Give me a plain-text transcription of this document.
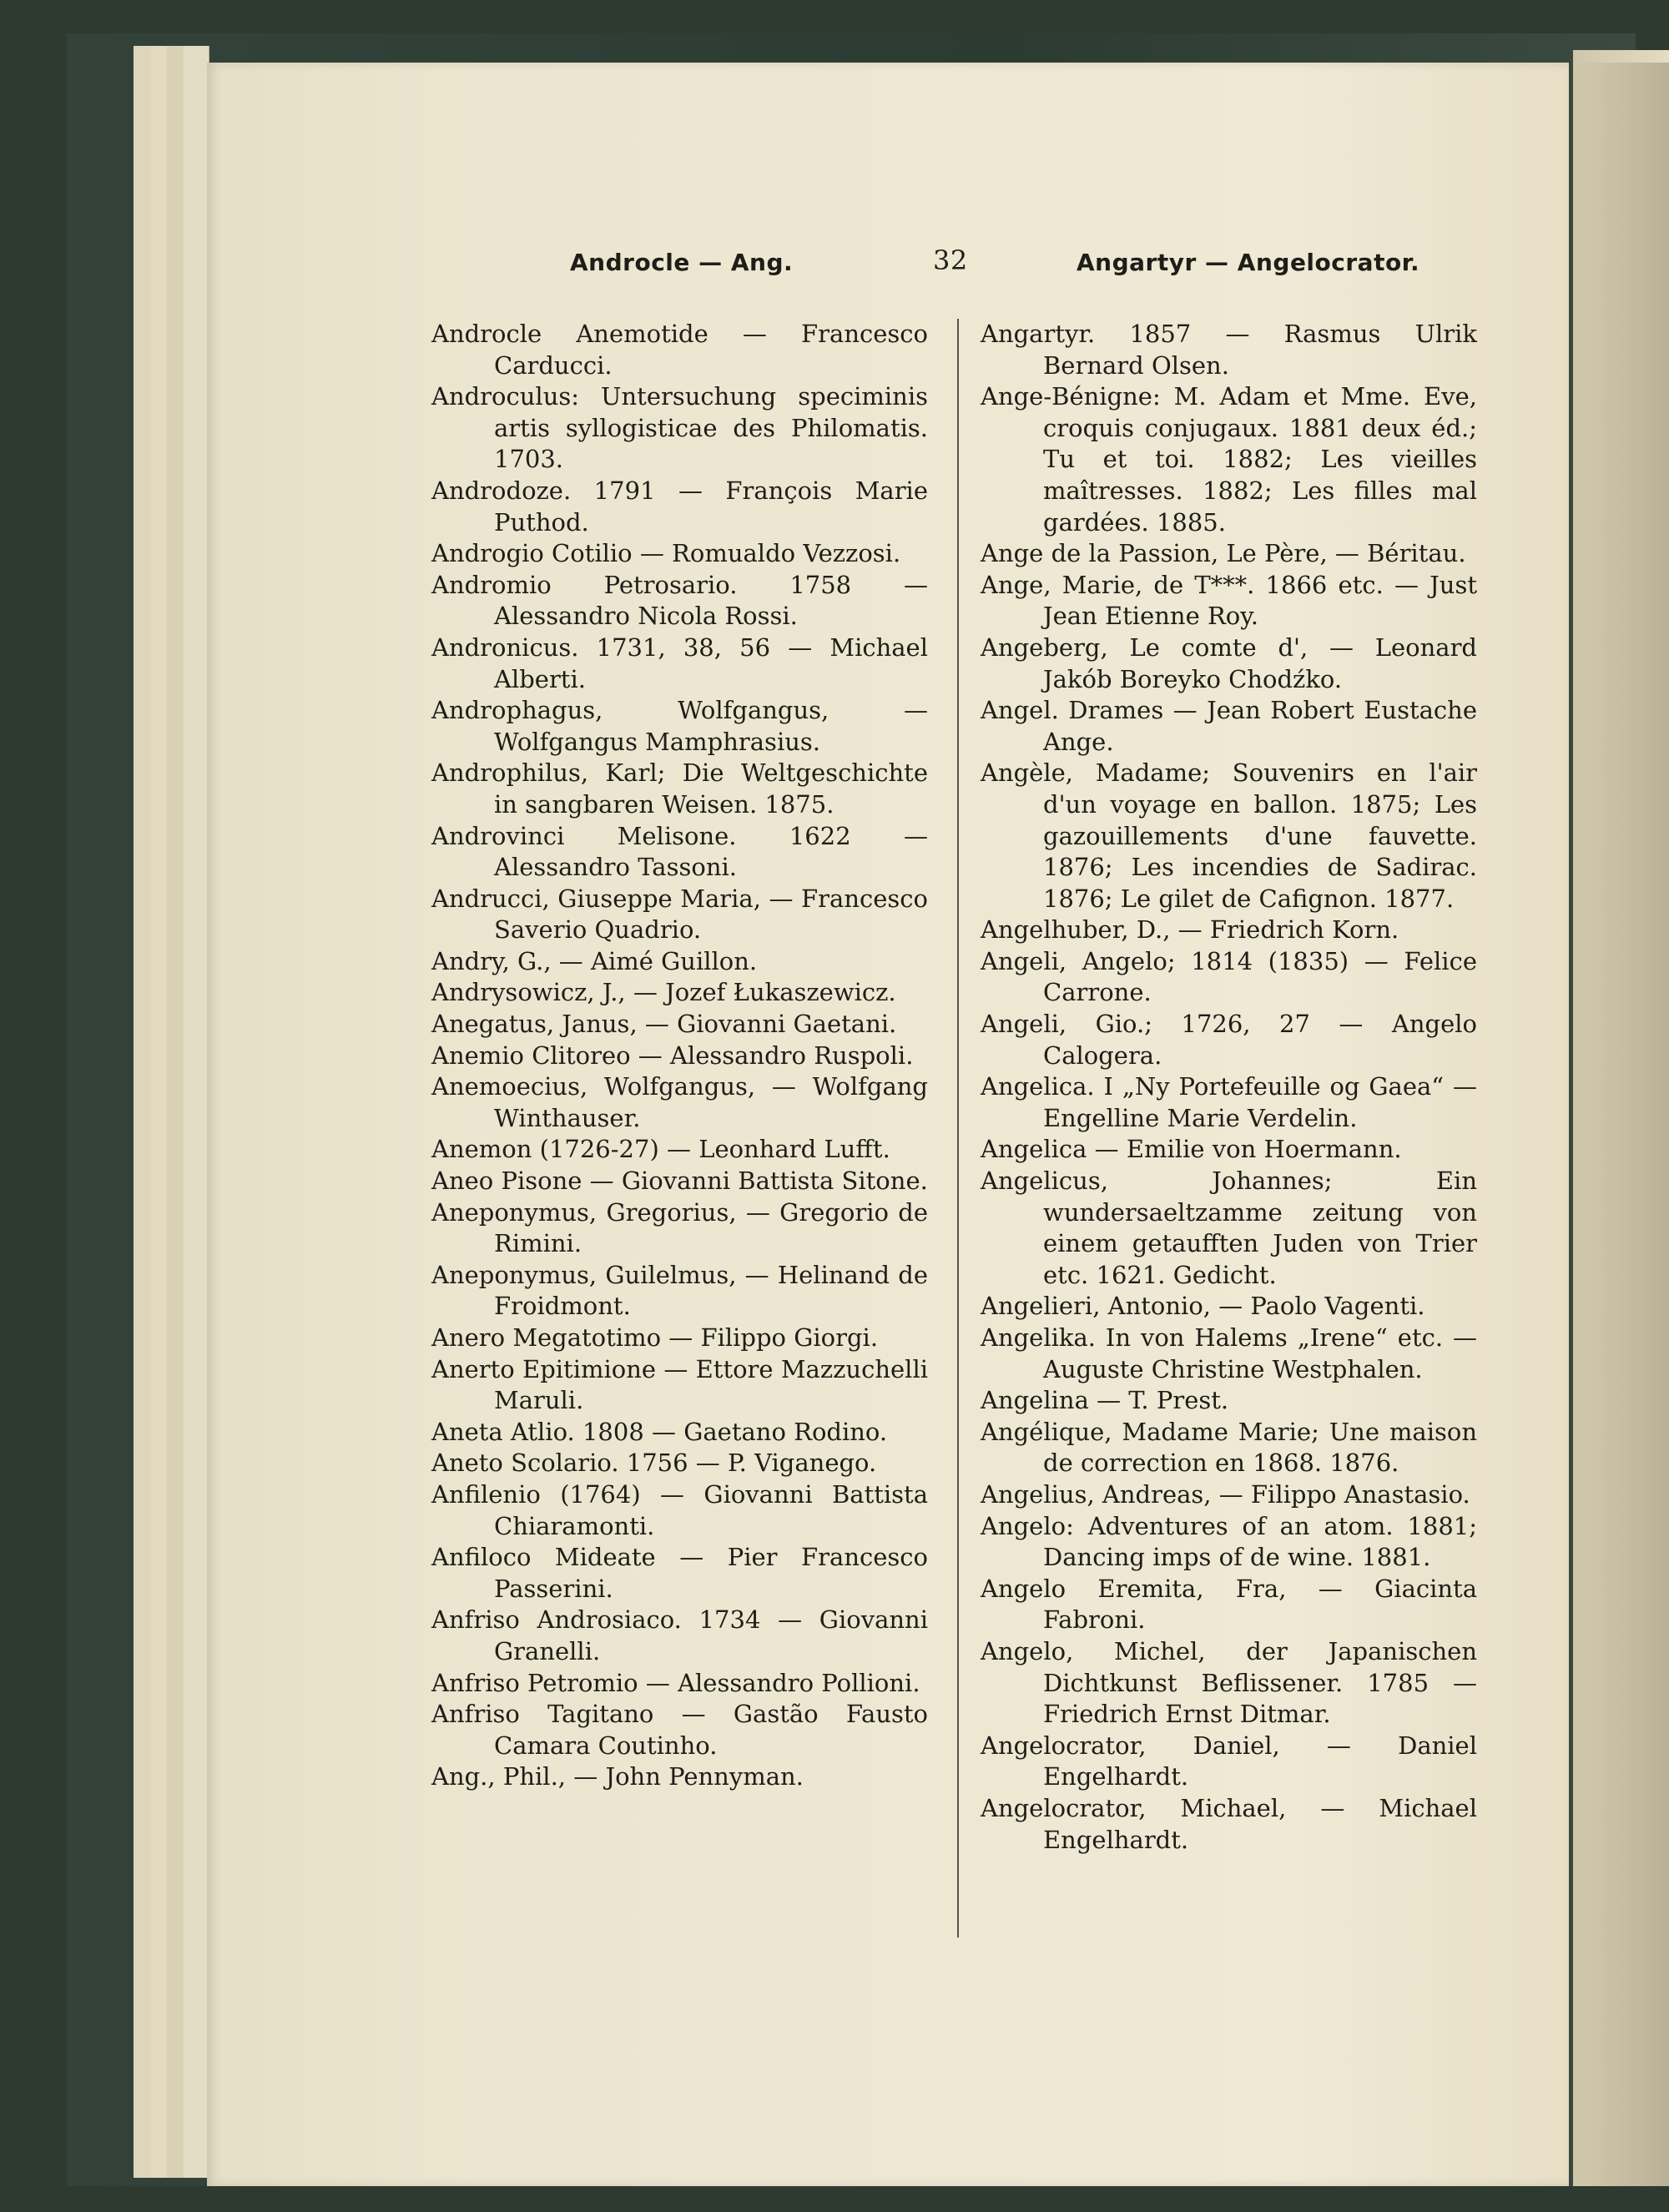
Androcle — Ang.	32	Angartyr — Angelocrator.

Androcle Anemotide — Francesco Carducci.

Androculus: Untersuchung speciminis artis syllogisticae des Philomatis. 1703.

Androdoze. 1791 — François Marie Puthod.

Androgio Cotilio — Romualdo Vezzosi.

Andromio Petrosario. 1758 — Alessandro Nicola Rossi.

Andronicus. 1731, 38, 56 — Michael Alberti.

Androphagus, Wolfgangus, — Wolfgangus Mamphrasius.

Androphilus, Karl; Die Weltgeschichte in sangbaren Weisen. 1875.

Androvinci Melisone. 1622 — Alessandro Tassoni.

Andrucci, Giuseppe Maria, — Francesco Saverio Quadrio.

Andry, G., — Aimé Guillon.

Andrysowicz, J., — Jozef Łukaszewicz.

Anegatus, Janus, — Giovanni Gaetani.

Anemio Clitoreo — Alessandro Ruspoli.

Anemoecius, Wolfgangus, — Wolfgang Winthauser.

Anemon (1726-27) — Leonhard Lufft.

Aneo Pisone — Giovanni Battista Sitone.

Aneponymus, Gregorius, — Gregorio de Rimini.

Aneponymus, Guilelmus, — Helinand de Froidmont.

Anero Megatotimo — Filippo Giorgi.

Anerto Epitimione — Ettore Mazzuchelli Maruli.

Aneta Atlio. 1808 — Gaetano Rodino.

Aneto Scolario. 1756 — P. Viganego.

Anfilenio (1764) — Giovanni Battista Chiaramonti.

Anfiloco Mideate — Pier Francesco Passerini.

Anfriso Androsiaco. 1734 — Giovanni Granelli.

Anfriso Petromio — Alessandro Pollioni.

Anfriso Tagitano — Gastão Fausto Camara Coutinho.

Ang., Phil., — John Pennyman.

Angartyr. 1857 — Rasmus Ulrik Bernard Olsen.

Ange-Bénigne: M. Adam et Mme. Eve, croquis conjugaux. 1881 deux éd.; Tu et toi. 1882; Les vieilles maîtresses. 1882; Les filles mal gardées. 1885.

Ange de la Passion, Le Père, — Béritau.

Ange, Marie, de T***. 1866 etc. — Just Jean Etienne Roy.

Angeberg, Le comte d', — Leonard Jakób Boreyko Chodźko.

Angel. Drames — Jean Robert Eustache Ange.

Angèle, Madame; Souvenirs en l'air d'un voyage en ballon. 1875; Les gazouillements d'une fauvette. 1876; Les incendies de Sadirac. 1876; Le gilet de Cafignon. 1877.

Angelhuber, D., — Friedrich Korn.

Angeli, Angelo; 1814 (1835) — Felice Carrone.

Angeli, Gio.; 1726, 27 — Angelo Calogera.

Angelica. I „Ny Portefeuille og Gaea“ — Engelline Marie Verdelin.

Angelica — Emilie von Hoermann.

Angelicus, Johannes; Ein wundersaeltzamme zeitung von einem getaufften Juden von Trier etc. 1621. Gedicht.

Angelieri, Antonio, — Paolo Vagenti.

Angelika. In von Halems „Irene“ etc. — Auguste Christine Westphalen.

Angelina — T. Prest.

Angélique, Madame Marie; Une maison de correction en 1868. 1876.

Angelius, Andreas, — Filippo Anastasio.

Angelo: Adventures of an atom. 1881; Dancing imps of de wine. 1881.

Angelo Eremita, Fra, — Giacinta Fabroni.

Angelo, Michel, der Japanischen Dichtkunst Beflissener. 1785 — Friedrich Ernst Ditmar.

Angelocrator, Daniel, — Daniel Engelhardt.

Angelocrator, Michael, — Michael Engelhardt.
